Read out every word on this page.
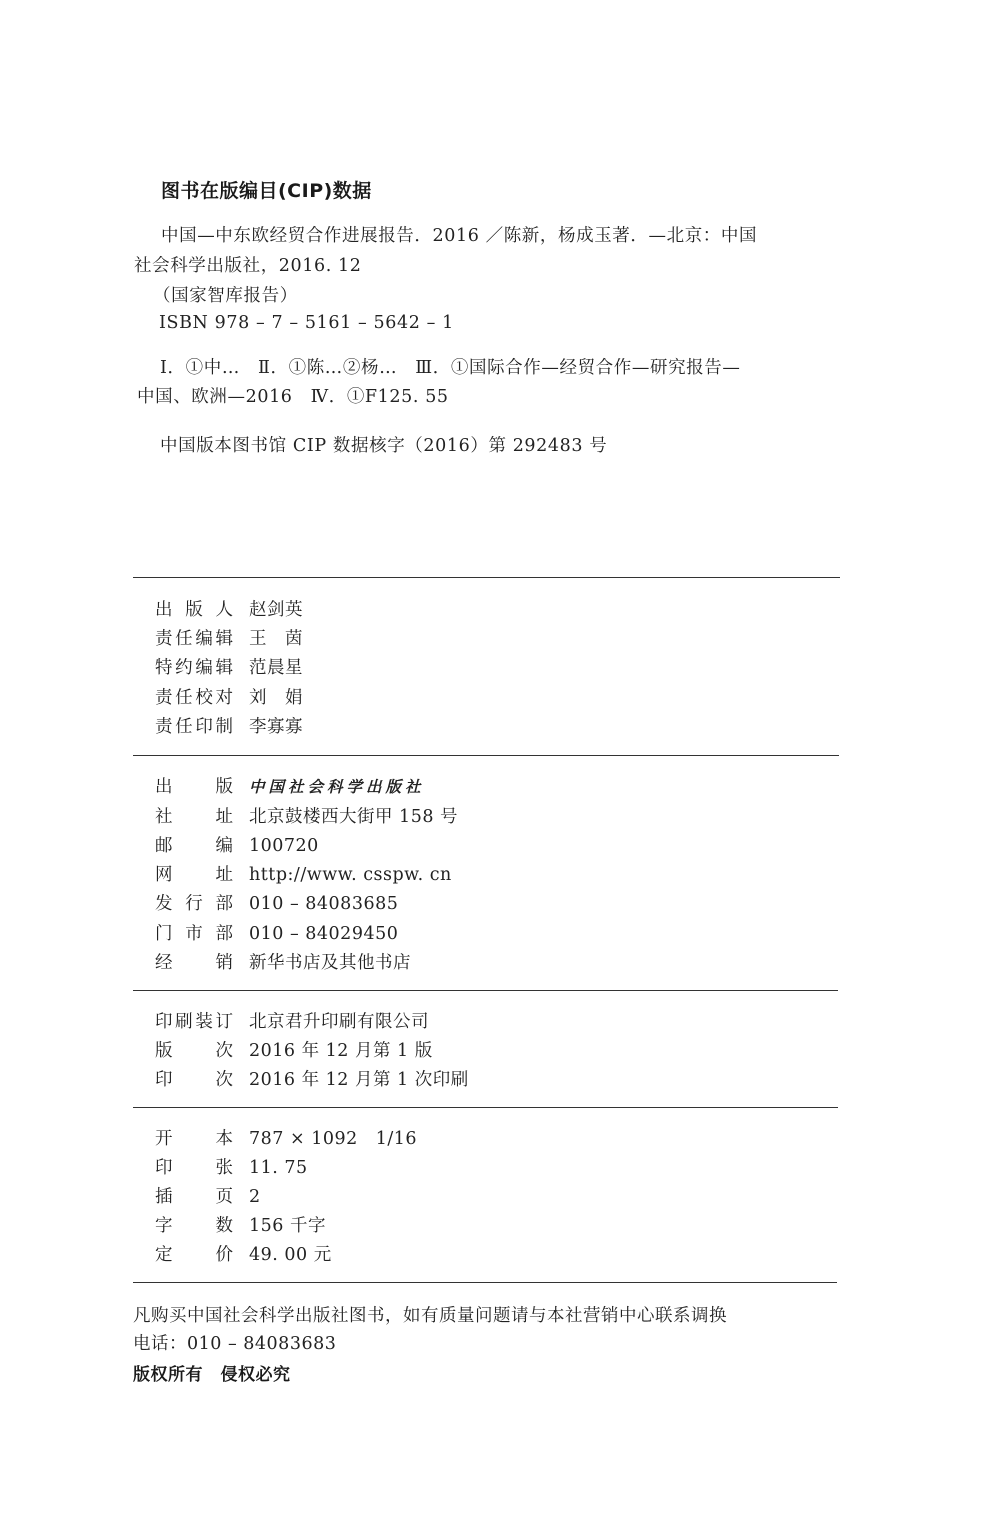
图书在版编目(CIP)数据
中国—中东欧经贸合作进展报告．2016 ／陈新，杨成玉著．—北京：中国
社会科学出版社，2016. 12
（国家智库报告）
ISBN 978 – 7 – 5161 – 5642 – 1
Ⅰ．①中…　Ⅱ．①陈…②杨…　Ⅲ．①国际合作—经贸合作—研究报告—
中国、欧洲—2016　Ⅳ．①F125. 55
中国版本图书馆 CIP 数据核字（2016）第 292483 号
出版人 赵剑英
责任编辑 王　茵
特约编辑 范晨星
责任校对 刘　娟
责任印制 李寡寡
出版 中国社会科学出版社
社址 北京鼓楼西大街甲 158 号
邮编 100720
网址 http://www. csspw. cn
发行部 010 – 84083685
门市部 010 – 84029450
经销 新华书店及其他书店
印刷装订 北京君升印刷有限公司
版次 2016 年 12 月第 1 版
印次 2016 年 12 月第 1 次印刷
开本 787 × 1092　1/16
印张 11. 75
插页 2
字数 156 千字
定价 49. 00 元
凡购买中国社会科学出版社图书，如有质量问题请与本社营销中心联系调换
电话：010 – 84083683
版权所有　侵权必究
